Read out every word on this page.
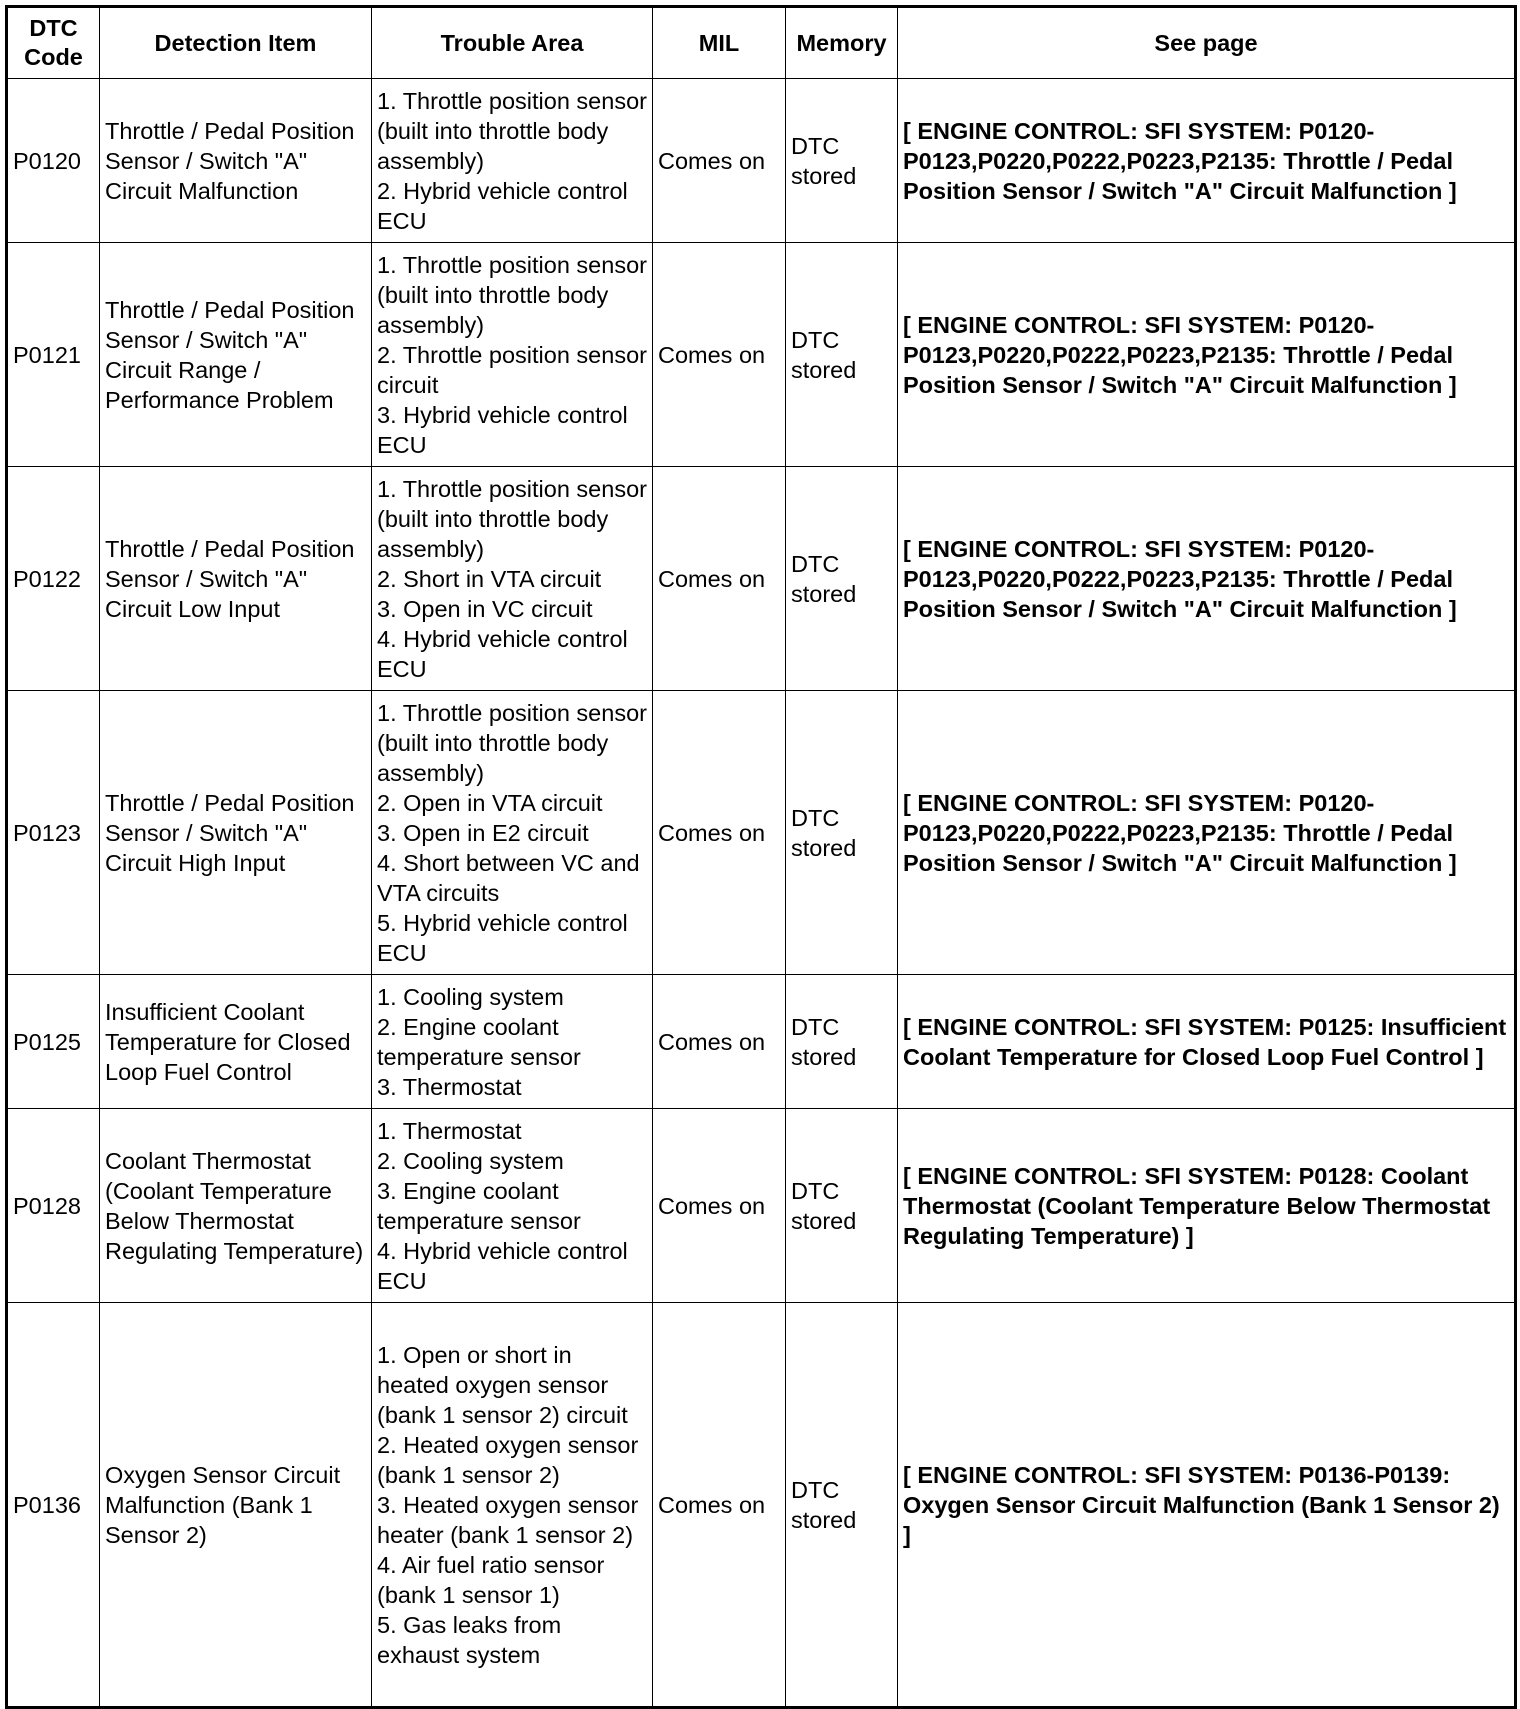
DTC Code	Detection Item	Trouble Area	MIL	Memory	See page
P0120	Throttle / Pedal Position Sensor / Switch "A" Circuit Malfunction	1. Throttle position sensor (built into throttle body assembly)
2. Hybrid vehicle control ECU	Comes on	DTC stored	[ ENGINE CONTROL: SFI SYSTEM: P0120-P0123,P0220,P0222,P0223,P2135: Throttle / Pedal Position Sensor / Switch "A" Circuit Malfunction ]
P0121	Throttle / Pedal Position Sensor / Switch "A" Circuit Range / Performance Problem	1. Throttle position sensor (built into throttle body assembly)
2. Throttle position sensor circuit
3. Hybrid vehicle control ECU	Comes on	DTC stored	[ ENGINE CONTROL: SFI SYSTEM: P0120-P0123,P0220,P0222,P0223,P2135: Throttle / Pedal Position Sensor / Switch "A" Circuit Malfunction ]
P0122	Throttle / Pedal Position Sensor / Switch "A" Circuit Low Input	1. Throttle position sensor (built into throttle body assembly)
2. Short in VTA circuit
3. Open in VC circuit
4. Hybrid vehicle control ECU	Comes on	DTC stored	[ ENGINE CONTROL: SFI SYSTEM: P0120-P0123,P0220,P0222,P0223,P2135: Throttle / Pedal Position Sensor / Switch "A" Circuit Malfunction ]
P0123	Throttle / Pedal Position Sensor / Switch "A" Circuit High Input	1. Throttle position sensor (built into throttle body assembly)
2. Open in VTA circuit
3. Open in E2 circuit
4. Short between VC and VTA circuits
5. Hybrid vehicle control ECU	Comes on	DTC stored	[ ENGINE CONTROL: SFI SYSTEM: P0120-P0123,P0220,P0222,P0223,P2135: Throttle / Pedal Position Sensor / Switch "A" Circuit Malfunction ]
P0125	Insufficient Coolant Temperature for Closed Loop Fuel Control	1. Cooling system
2. Engine coolant temperature sensor
3. Thermostat	Comes on	DTC stored	[ ENGINE CONTROL: SFI SYSTEM: P0125: Insufficient Coolant Temperature for Closed Loop Fuel Control ]
P0128	Coolant Thermostat (Coolant Temperature Below Thermostat Regulating Temperature)	1. Thermostat
2. Cooling system
3. Engine coolant temperature sensor
4. Hybrid vehicle control ECU	Comes on	DTC stored	[ ENGINE CONTROL: SFI SYSTEM: P0128: Coolant Thermostat (Coolant Temperature Below Thermostat Regulating Temperature) ]
P0136	Oxygen Sensor Circuit Malfunction (Bank 1 Sensor 2)	1. Open or short in heated oxygen sensor (bank 1 sensor 2) circuit
2. Heated oxygen sensor (bank 1 sensor 2)
3. Heated oxygen sensor heater (bank 1 sensor 2)
4. Air fuel ratio sensor (bank 1 sensor 1)
5. Gas leaks from exhaust system	Comes on	DTC stored	[ ENGINE CONTROL: SFI SYSTEM: P0136-P0139: Oxygen Sensor Circuit Malfunction (Bank 1 Sensor 2) ]
